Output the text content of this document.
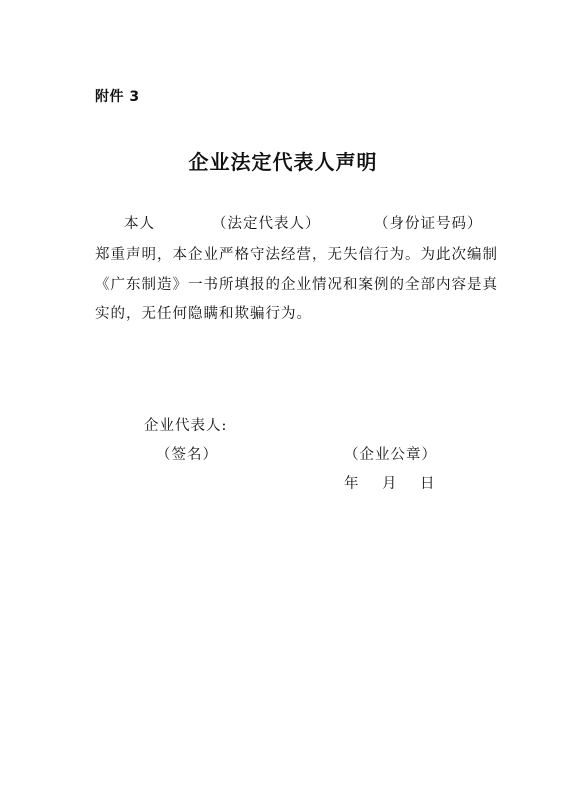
附件 3
企业法定代表人声明
本人	（法定代表人）	（身份证号码）
郑重声明，本企业严格守法经营，无失信行为。为此次编制
《广东制造》一书所填报的企业情况和案例的全部内容是真
实的，无任何隐瞒和欺骗行为。
企业代表人:
（签名）	（企业公章）
年 月 日
